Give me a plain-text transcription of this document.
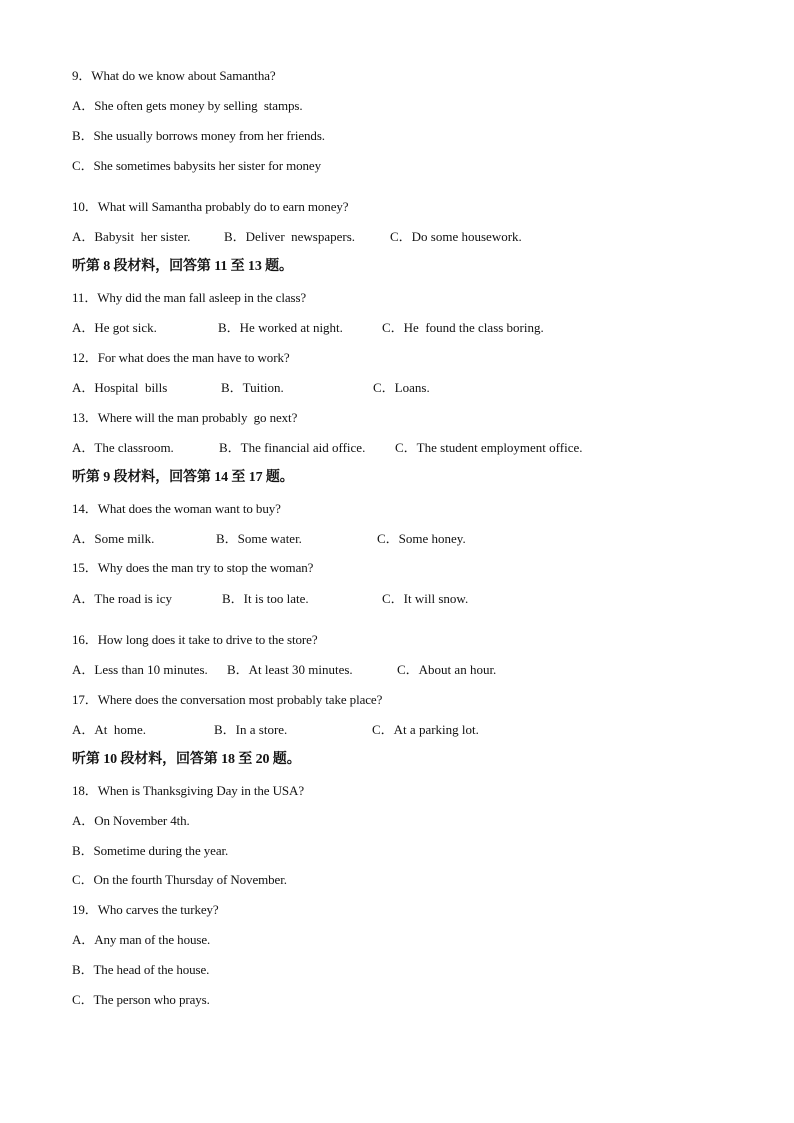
9．What do we know about Samantha?
A．She often gets money by selling  stamps.
B．She usually borrows money from her friends.
C．She sometimes babysits her sister for money
10．What will Samantha probably do to earn money?
A．Babysit  her sister.	B．Deliver  newspapers.	C．Do some housework.
听第 8 段材料，回答第 11 至 13 题。
11．Why did the man fall asleep in the class?
A．He got sick.	B．He worked at night.	C．He  found the class boring.
12．For what does the man have to work?
A．Hospital  bills	B．Tuition.	C．Loans.
13．Where will the man probably  go next?
A．The classroom.	B．The financial aid office. C．The student employment office.
听第 9 段材料，回答第 14 至 17 题。
14．What does the woman want to buy?
A．Some milk.	B．Some water.	C．Some honey.
15．Why does the man try to stop the woman?
A．The road is icy	B．It is too late.	C．It will snow.
16．How long does it take to drive to the store?
A．Less than 10 minutes. B．At least 30 minutes.	C．About an hour.
17．Where does the conversation most probably take place?
A．At  home.	B．In a store.	C．At a parking lot.
听第 10 段材料，回答第 18 至 20 题。
18．When is Thanksgiving Day in the USA?
A．On November 4th.
B．Sometime during the year.
C．On the fourth Thursday of November.
19．Who carves the turkey?
A．Any man of the house.
B．The head of the house.
C．The person who prays.
